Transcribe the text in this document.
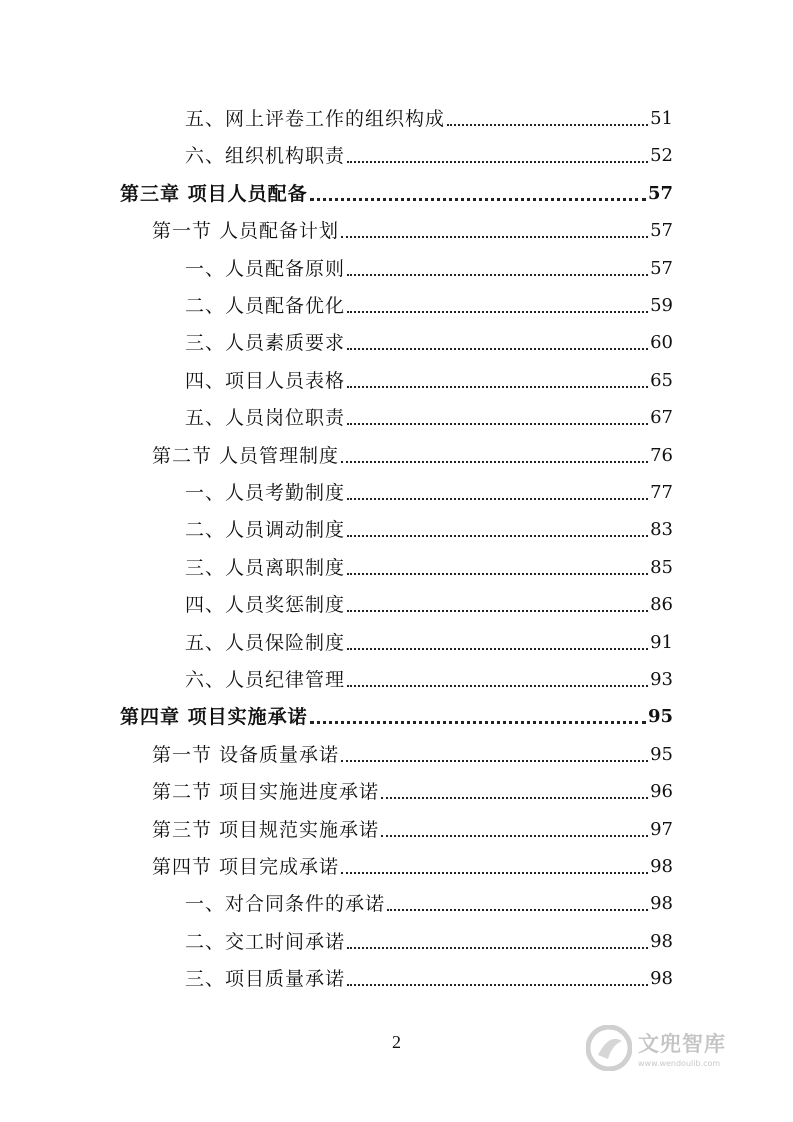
五、网上评卷工作的组织构成	51
六、组织机构职责	52
第三章 项目人员配备	57
第一节 人员配备计划	57
一、人员配备原则	57
二、人员配备优化	59
三、人员素质要求	60
四、项目人员表格	65
五、人员岗位职责	67
第二节 人员管理制度	76
一、人员考勤制度	77
二、人员调动制度	83
三、人员离职制度	85
四、人员奖惩制度	86
五、人员保险制度	91
六、人员纪律管理	93
第四章 项目实施承诺	95
第一节 设备质量承诺	95
第二节 项目实施进度承诺	96
第三节 项目规范实施承诺	97
第四节 项目完成承诺	98
一、对合同条件的承诺	98
二、交工时间承诺	98
三、项目质量承诺	98
2	文兜智库
www.wendoulib.com
